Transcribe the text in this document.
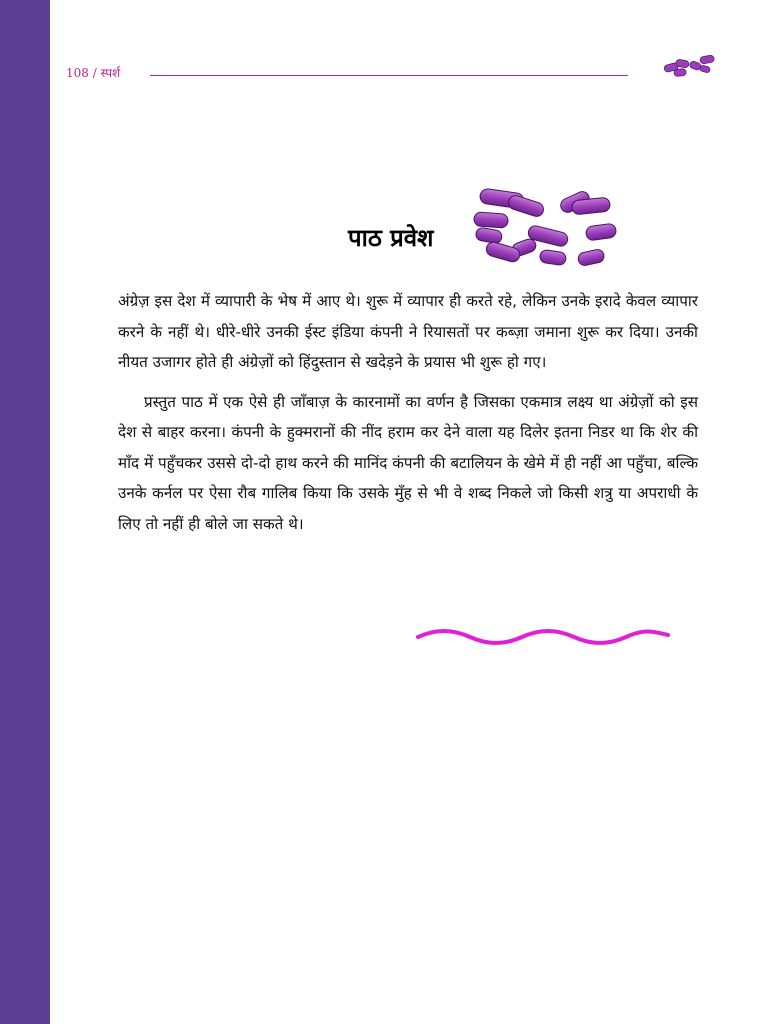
108 / स्पर्श
पाठ प्रवेश

अंग्रेज़ इस देश में व्यापारी के भेष में आए थे। शुरू में व्यापार ही करते रहे, लेकिन उनके इरादे केवल व्यापार करने के नहीं थे। धीरे-धीरे उनकी ईस्ट इंडिया कंपनी ने रियासतों पर कब्ज़ा जमाना शुरू कर दिया। उनकी नीयत उजागर होते ही अंग्रेज़ों को हिंदुस्तान से खदेड़ने के प्रयास भी शुरू हो गए।

प्रस्तुत पाठ में एक ऐसे ही जाँबाज़ के कारनामों का वर्णन है जिसका एकमात्र लक्ष्य था अंग्रेज़ों को इस देश से बाहर करना। कंपनी के हुक्मरानों की नींद हराम कर देने वाला यह दिलेर इतना निडर था कि शेर की माँद में पहुँचकर उससे दो-दो हाथ करने की मानिंद कंपनी की बटालियन के खेमे में ही नहीं आ पहुँचा, बल्कि उनके कर्नल पर ऐसा रौब गालिब किया कि उसके मुँह से भी वे शब्द निकले जो किसी शत्रु या अपराधी के लिए तो नहीं ही बोले जा सकते थे।
